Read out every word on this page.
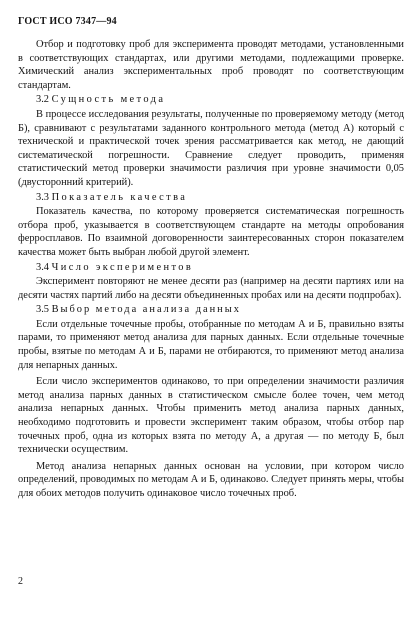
ГОСТ ИСО 7347—94

Отбор и подготовку проб для эксперимента проводят методами, установленными в соответствующих стандартах, или другими методами, подлежащими проверке. Химический анализ экспериментальных проб проводят по соответствующим стандартам.

3.2 Сущность метода

В процессе исследования результаты, полученные по проверяемому методу (метод Б), сравнивают с результатами заданного контрольного метода (метод А) который с технической и практической точек зрения рассматривается как метод, не дающий систематической погрешности. Сравнение следует проводить, применяя статистический метод проверки значимости различия при уровне значимости 0,05 (двусторонний критерий).

3.3 Показатель качества

Показатель качества, по которому проверяется систематическая погрешность отбора проб, указывается в соответствующем стандарте на методы опробования ферросплавов. По взаимной договоренности заинтересованных сторон показателем качества может быть выбран любой другой элемент.

3.4 Число экспериментов

Эксперимент повторяют не менее десяти раз (например на десяти партиях или на десяти частях партий либо на десяти объединенных пробах или на десяти подпробах).

3.5 Выбор метода анализа данных

Если отдельные точечные пробы, отобранные по методам А и Б, правильно взяты парами, то применяют метод анализа для парных данных. Если отдельные точечные пробы, взятые по методам А и Б, парами не отбираются, то применяют метод анализа для непарных данных.

Если число экспериментов одинаково, то при определении значимости различия метод анализа парных данных в статистическом смысле более точен, чем метод анализа непарных данных. Чтобы применить метод анализа парных данных, необходимо подготовить и провести эксперимент таким образом, чтобы отбор пар точечных проб, одна из которых взята по методу А, а другая — по методу Б, был технически осуществим.

Метод анализа непарных данных основан на условии, при котором число определений, проводимых по методам А и Б, одинаково. Следует принять меры, чтобы для обоих методов получить одинаковое число точечных проб.

2
